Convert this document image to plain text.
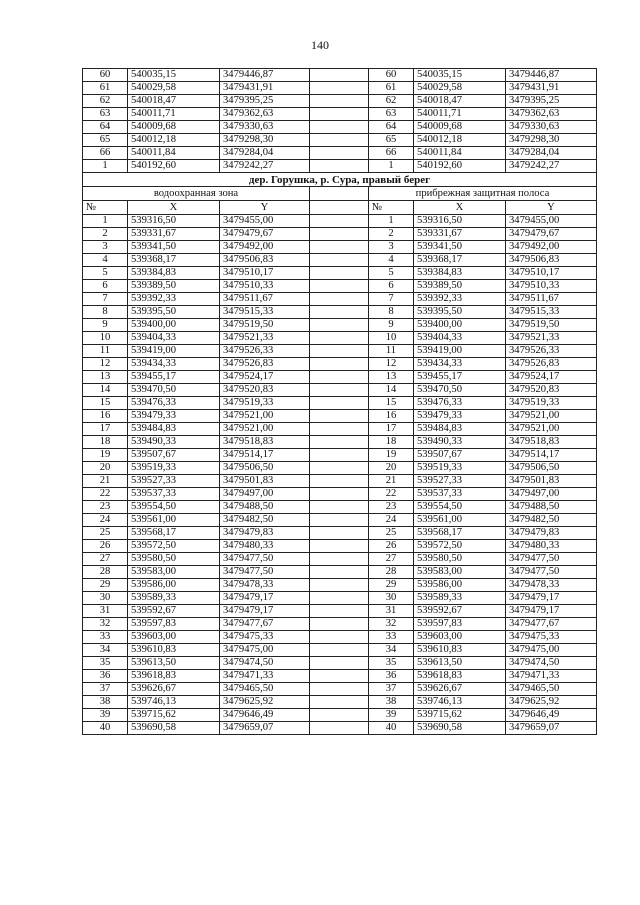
140
60	540035,15	3479446,87		60	540035,15	3479446,87
61	540029,58	3479431,91		61	540029,58	3479431,91
62	540018,47	3479395,25		62	540018,47	3479395,25
63	540011,71	3479362,63		63	540011,71	3479362,63
64	540009,68	3479330,63		64	540009,68	3479330,63
65	540012,18	3479298,30		65	540012,18	3479298,30
66	540011,84	3479284,04		66	540011,84	3479284,04
1	540192,60	3479242,27		1	540192,60	3479242,27
дер. Горушка, р. Сура, правый берег						
водоохранная зона				прибрежная защитная полоса		
№	X	Y		№	X	Y
1	539316,50	3479455,00		1	539316,50	3479455,00
2	539331,67	3479479,67		2	539331,67	3479479,67
3	539341,50	3479492,00		3	539341,50	3479492,00
4	539368,17	3479506,83		4	539368,17	3479506,83
5	539384,83	3479510,17		5	539384,83	3479510,17
6	539389,50	3479510,33		6	539389,50	3479510,33
7	539392,33	3479511,67		7	539392,33	3479511,67
8	539395,50	3479515,33		8	539395,50	3479515,33
9	539400,00	3479519,50		9	539400,00	3479519,50
10	539404,33	3479521,33		10	539404,33	3479521,33
11	539419,00	3479526,33		11	539419,00	3479526,33
12	539434,33	3479526,83		12	539434,33	3479526,83
13	539455,17	3479524,17		13	539455,17	3479524,17
14	539470,50	3479520,83		14	539470,50	3479520,83
15	539476,33	3479519,33		15	539476,33	3479519,33
16	539479,33	3479521,00		16	539479,33	3479521,00
17	539484,83	3479521,00		17	539484,83	3479521,00
18	539490,33	3479518,83		18	539490,33	3479518,83
19	539507,67	3479514,17		19	539507,67	3479514,17
20	539519,33	3479506,50		20	539519,33	3479506,50
21	539527,33	3479501,83		21	539527,33	3479501,83
22	539537,33	3479497,00		22	539537,33	3479497,00
23	539554,50	3479488,50		23	539554,50	3479488,50
24	539561,00	3479482,50		24	539561,00	3479482,50
25	539568,17	3479479,83		25	539568,17	3479479,83
26	539572,50	3479480,33		26	539572,50	3479480,33
27	539580,50	3479477,50		27	539580,50	3479477,50
28	539583,00	3479477,50		28	539583,00	3479477,50
29	539586,00	3479478,33		29	539586,00	3479478,33
30	539589,33	3479479,17		30	539589,33	3479479,17
31	539592,67	3479479,17		31	539592,67	3479479,17
32	539597,83	3479477,67		32	539597,83	3479477,67
33	539603,00	3479475,33		33	539603,00	3479475,33
34	539610,83	3479475,00		34	539610,83	3479475,00
35	539613,50	3479474,50		35	539613,50	3479474,50
36	539618,83	3479471,33		36	539618,83	3479471,33
37	539626,67	3479465,50		37	539626,67	3479465,50
38	539746,13	3479625,92		38	539746,13	3479625,92
39	539715,62	3479646,49		39	539715,62	3479646,49
40	539690,58	3479659,07		40	539690,58	3479659,07
